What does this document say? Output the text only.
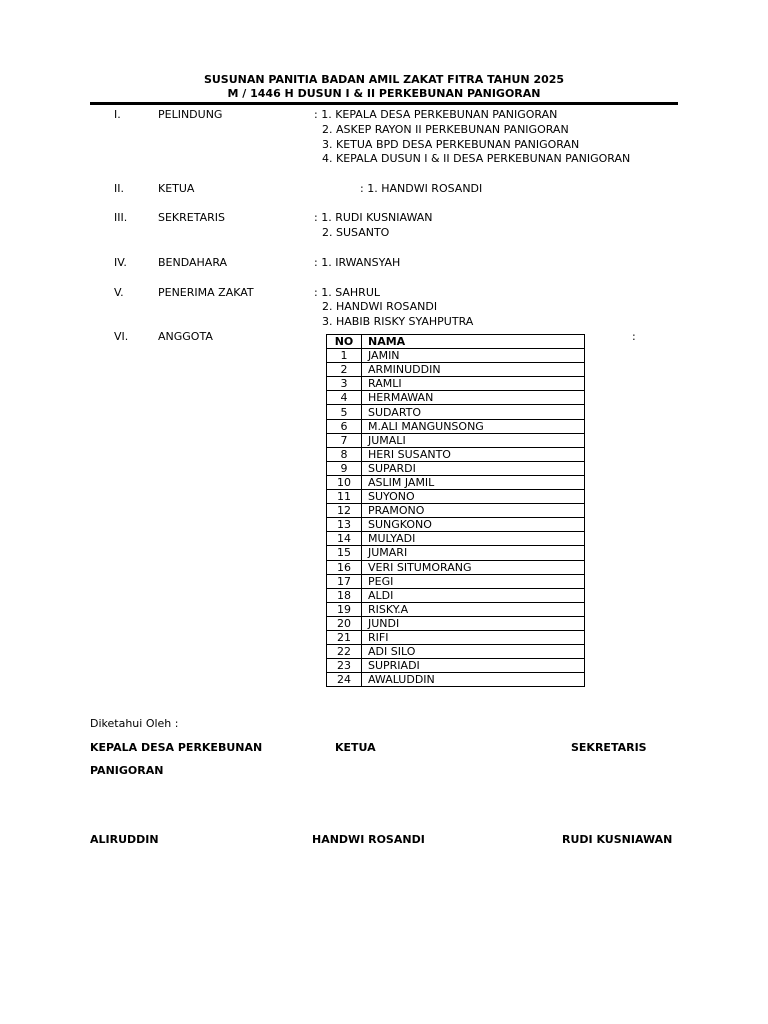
SUSUNAN PANITIA BADAN AMIL ZAKAT FITRA TAHUN 2025
M / 1446 H DUSUN I & II PERKEBUNAN PANIGORAN
I.	PELINDUNG	: 1. KEPALA DESA PERKEBUNAN PANIGORAN
2. ASKEP RAYON II PERKEBUNAN PANIGORAN
3. KETUA BPD DESA PERKEBUNAN PANIGORAN
4. KEPALA DUSUN I & II DESA PERKEBUNAN PANIGORAN
II.	KETUA	: 1. HANDWI ROSANDI
III.	SEKRETARIS	: 1. RUDI KUSNIAWAN
2. SUSANTO
IV.	BENDAHARA	: 1. IRWANSYAH
V.	PENERIMA ZAKAT	: 1. SAHRUL
2. HANDWI ROSANDI
3. HABIB RISKY SYAHPUTRA
VI.	ANGGOTA	:
NO	NAMA
1	JAMIN
2	ARMINUDDIN
3	RAMLI
4	HERMAWAN
5	SUDARTO
6	M.ALI MANGUNSONG
7	JUMALI
8	HERI SUSANTO
9	SUPARDI
10	ASLIM JAMIL
11	SUYONO
12	PRAMONO
13	SUNGKONO
14	MULYADI
15	JUMARI
16	VERI SITUMORANG
17	PEGI
18	ALDI
19	RISKY.A
20	JUNDI
21	RIFI
22	ADI SILO
23	SUPRIADI
24	AWALUDDIN
Diketahui Oleh :
KEPALA DESA PERKEBUNAN
PANIGORAN
KETUA	SEKRETARIS
ALIRUDDIN	HANDWI ROSANDI	RUDI KUSNIAWAN
